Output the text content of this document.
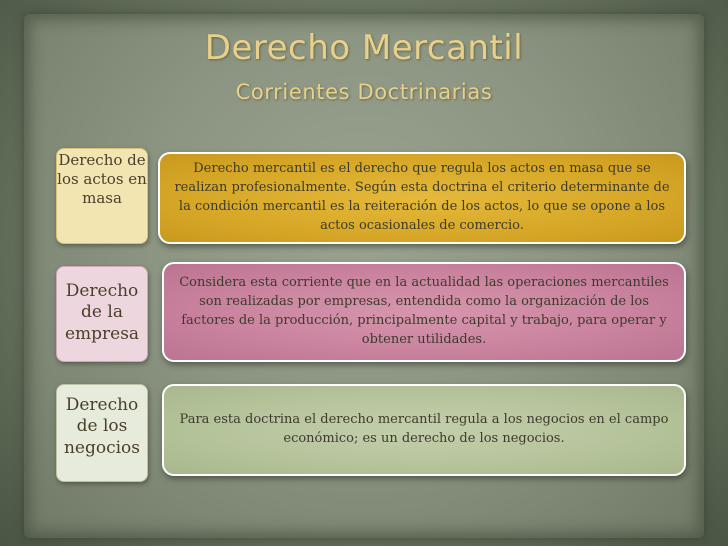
Derecho Mercantil
Corrientes Doctrinarias
Derecho de los actos en masa
Derecho mercantil es el derecho que regula los actos en masa que se realizan profesionalmente. Según esta doctrina el criterio determinante de la condición mercantil es la reiteración de los actos, lo que se opone a los actos ocasionales de comercio.
Derecho de la empresa
Considera esta corriente que en la actualidad las operaciones mercantiles son realizadas por empresas, entendida como la organización de los factores de la producción, principalmente capital y trabajo, para operar y obtener utilidades.
Derecho de los negocios
Para esta doctrina el derecho mercantil regula a los negocios en el campo económico; es un derecho de los negocios.
